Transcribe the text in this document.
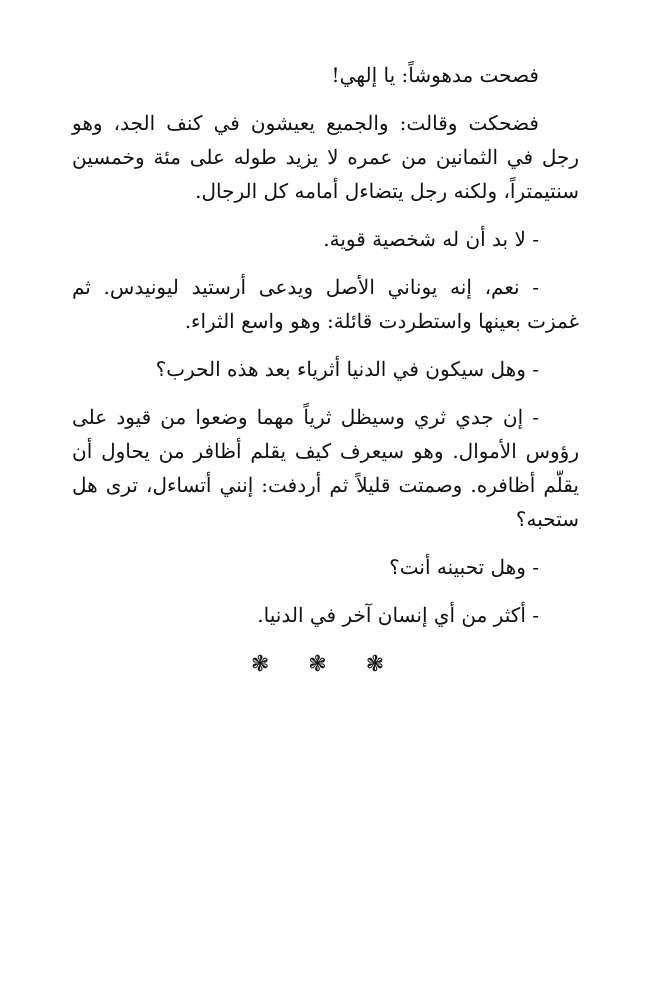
فصحت مدهوشاً: يا إلهي!

فضحكت وقالت: والجميع يعيشون في كنف الجد، وهو رجل في الثمانين من عمره لا يزيد طوله على مئة وخمسين سنتيمتراً، ولكنه رجل يتضاءل أمامه كل الرجال.

- لا بد أن له شخصية قوية.

- نعم، إنه يوناني الأصل ويدعى أرستيد ليونيدس. ثم غمزت بعينها واستطردت قائلة: وهو واسع الثراء.

- وهل سيكون في الدنيا أثرياء بعد هذه الحرب؟

- إن جدي ثري وسيظل ثرياً مهما وضعوا من قيود على رؤوس الأموال. وهو سيعرف كيف يقلم أظافر من يحاول أن يقلّم أظافره. وصمتت قليلاً ثم أردفت: إنني أتساءل، ترى هل ستحبه؟

- وهل تحبينه أنت؟

- أكثر من أي إنسان آخر في الدنيا.

❃ ❃ ❃
